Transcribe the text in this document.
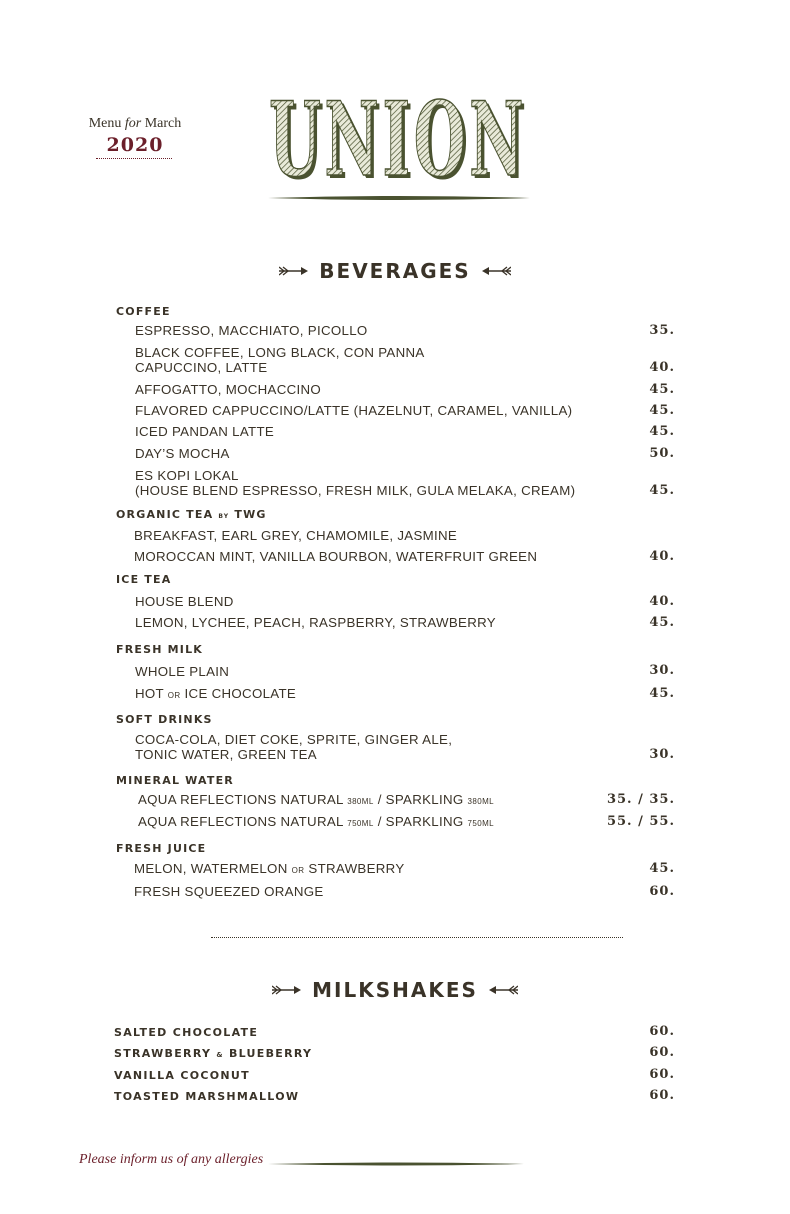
Menu for March
2020 UNION
UNION
BEVERAGES
COFFEE
ESPRESSO, MACCHIATO, PICOLLO	35.
BLACK COFFEE, LONG BLACK, CON PANNA
CAPUCCINO, LATTE	40.
AFFOGATTO, MOCHACCINO	45.
FLAVORED CAPPUCCINO/LATTE (HAZELNUT, CARAMEL, VANILLA)	45.
ICED PANDAN LATTE	45.
DAY’S MOCHA	50.
ES KOPI LOKAL
(HOUSE BLEND ESPRESSO, FRESH MILK, GULA MELAKA, CREAM)	45.
ORGANIC TEA BY TWG
BREAKFAST, EARL GREY, CHAMOMILE, JASMINE
MOROCCAN MINT, VANILLA BOURBON, WATERFRUIT GREEN	40.
ICE TEA
HOUSE BLEND	40.
LEMON, LYCHEE, PEACH, RASPBERRY, STRAWBERRY	45.
FRESH MILK
WHOLE PLAIN	30.
HOT OR ICE CHOCOLATE	45.
SOFT DRINKS
COCA-COLA, DIET COKE, SPRITE, GINGER ALE,
TONIC WATER, GREEN TEA	30.
MINERAL WATER
AQUA REFLECTIONS NATURAL 380ML / SPARKLING 380ML	35. / 35.
AQUA REFLECTIONS NATURAL 750ML / SPARKLING 750ML	55. / 55.
FRESH JUICE
MELON, WATERMELON OR STRAWBERRY	45.
FRESH SQUEEZED ORANGE	60.
MILKSHAKES
SALTED CHOCOLATE	60.
STRAWBERRY & BLUEBERRY	60.
VANILLA COCONUT	60.
TOASTED MARSHMALLOW	60.
Please inform us of any allergies
